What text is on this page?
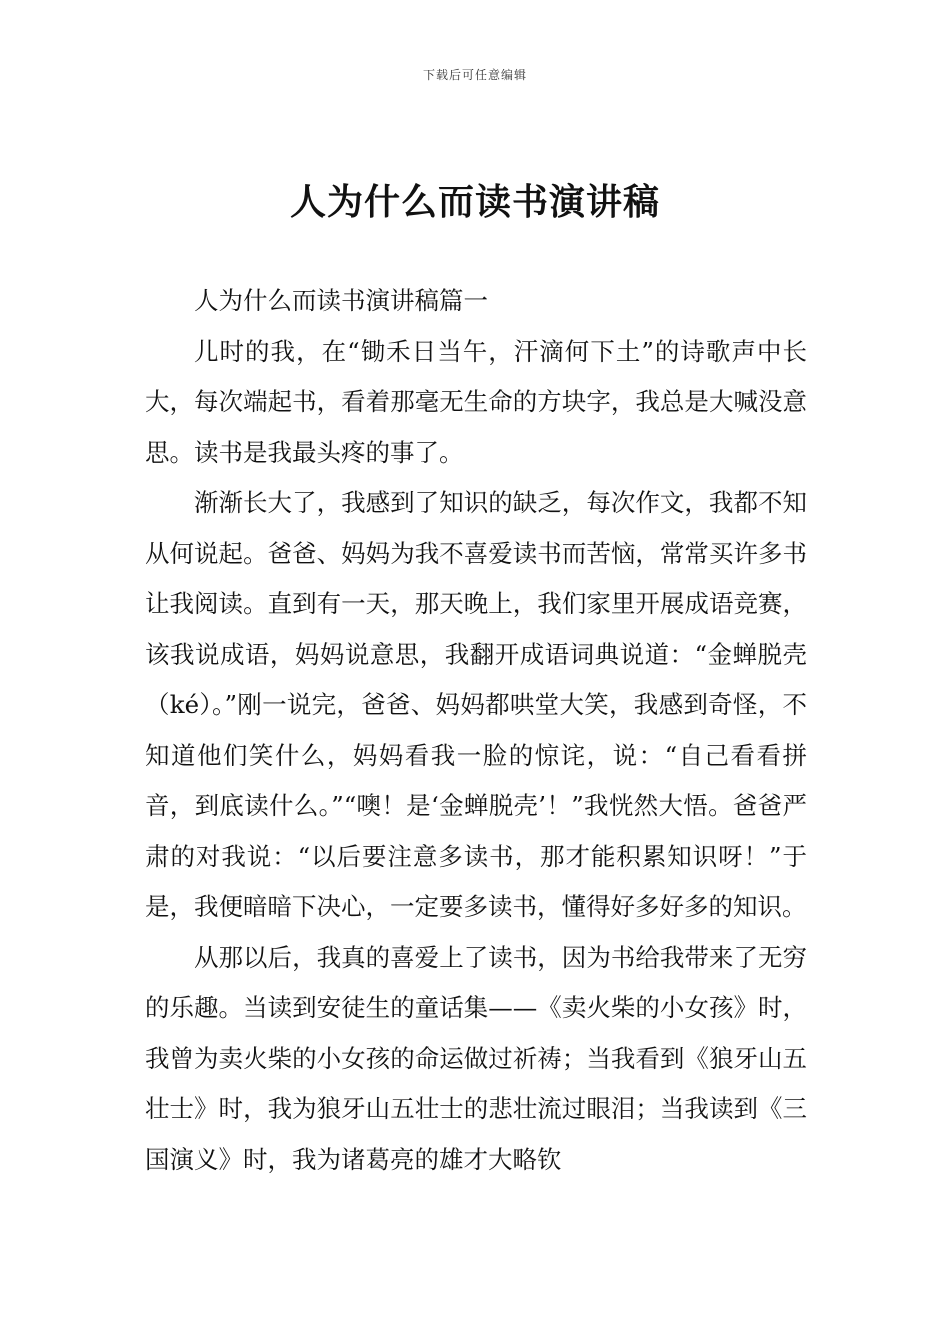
下载后可任意编辑
人为什么而读书演讲稿

人为什么而读书演讲稿篇一

儿时的我，在“锄禾日当午，汗滴何下土”的诗歌声中长大，每次端起书，看着那毫无生命的方块字，我总是大喊没意思。读书是我最头疼的事了。

渐渐长大了，我感到了知识的缺乏，每次作文，我都不知从何说起。爸爸、妈妈为我不喜爱读书而苦恼，常常买许多书让我阅读。直到有一天，那天晚上，我们家里开展成语竞赛，该我说成语，妈妈说意思，我翻开成语词典说道：“金蝉脱壳（ké）。”刚一说完，爸爸、妈妈都哄堂大笑，我感到奇怪，不知道他们笑什么，妈妈看我一脸的惊诧，说：“自己看看拼音，到底读什么。”“噢！是‘金蝉脱壳’！”我恍然大悟。爸爸严肃的对我说：“以后要注意多读书，那才能积累知识呀！”于是，我便暗暗下决心，一定要多读书，懂得好多好多的知识。

从那以后，我真的喜爱上了读书，因为书给我带来了无穷的乐趣。当读到安徒生的童话集——《卖火柴的小女孩》时，我曾为卖火柴的小女孩的命运做过祈祷；当我看到《狼牙山五壮士》时，我为狼牙山五壮士的悲壮流过眼泪；当我读到《三国演义》时，我为诸葛亮的雄才大略钦
